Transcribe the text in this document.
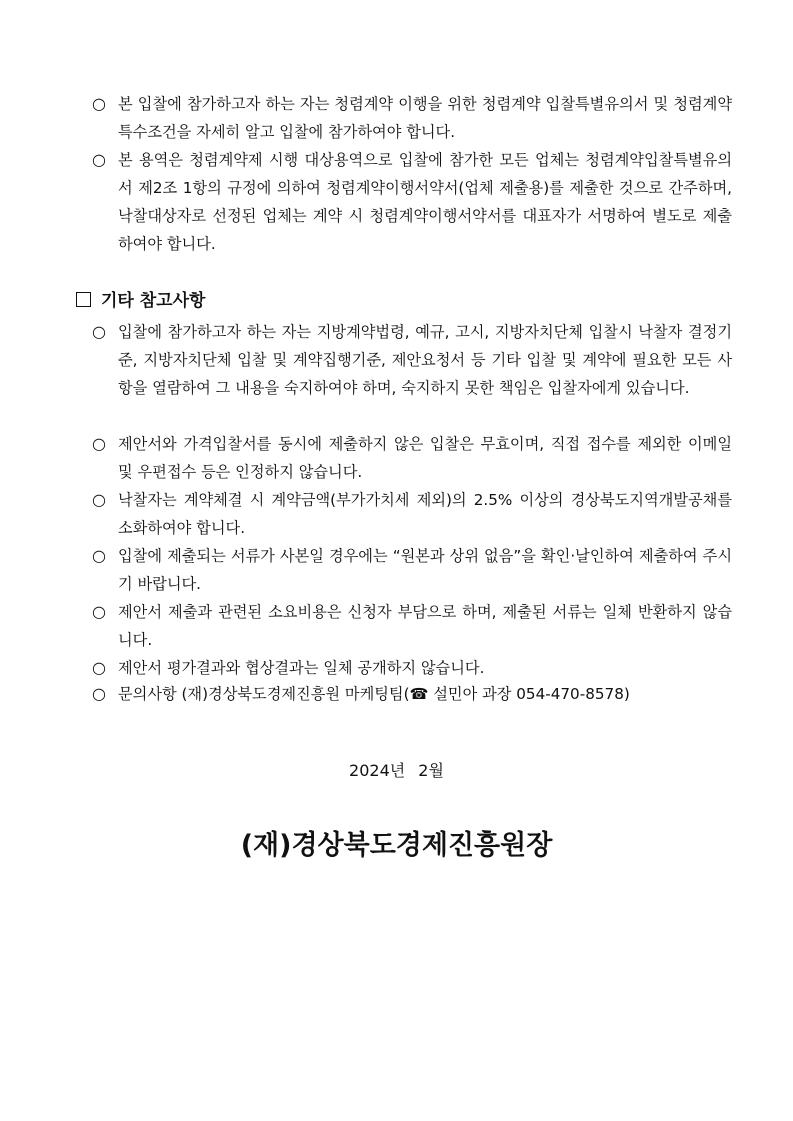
○ 본 입찰에 참가하고자 하는 자는 청렴계약 이행을 위한 청렴계약 입찰특별유의서 및 청렴계약 특수조건을 자세히 알고 입찰에 참가하여야 합니다.
○ 본 용역은 청렴계약제 시행 대상용역으로 입찰에 참가한 모든 업체는 청렴계약입찰특별유의서 제2조 1항의 규정에 의하여 청렴계약이행서약서(업체 제출용)를 제출한 것으로 간주하며, 낙찰대상자로 선정된 업체는 계약 시 청렴계약이행서약서를 대표자가 서명하여 별도로 제출하여야 합니다.
기타 참고사항
○ 입찰에 참가하고자 하는 자는 지방계약법령, 예규, 고시, 지방자치단체 입찰시 낙찰자 결정기준, 지방자치단체 입찰 및 계약집행기준, 제안요청서 등 기타 입찰 및 계약에 필요한 모든 사항을 열람하여 그 내용을 숙지하여야 하며, 숙지하지 못한 책임은 입찰자에게 있습니다.
○ 제안서와 가격입찰서를 동시에 제출하지 않은 입찰은 무효이며, 직접 접수를 제외한 이메일 및 우편접수 등은 인정하지 않습니다.
○ 낙찰자는 계약체결 시 계약금액(부가가치세 제외)의 2.5% 이상의 경상북도지역개발공채를 소화하여야 합니다.
○ 입찰에 제출되는 서류가 사본일 경우에는 “원본과 상위 없음”을 확인·날인하여 제출하여 주시기 바랍니다.
○ 제안서 제출과 관련된 소요비용은 신청자 부담으로 하며, 제출된 서류는 일체 반환하지 않습니다.
○ 제안서 평가결과와 협상결과는 일체 공개하지 않습니다.
○ 문의사항 (재)경상북도경제진흥원 마케팅팀(☎ 설민아 과장 054-470-8578)
2024년 2월
(재)경상북도경제진흥원장
